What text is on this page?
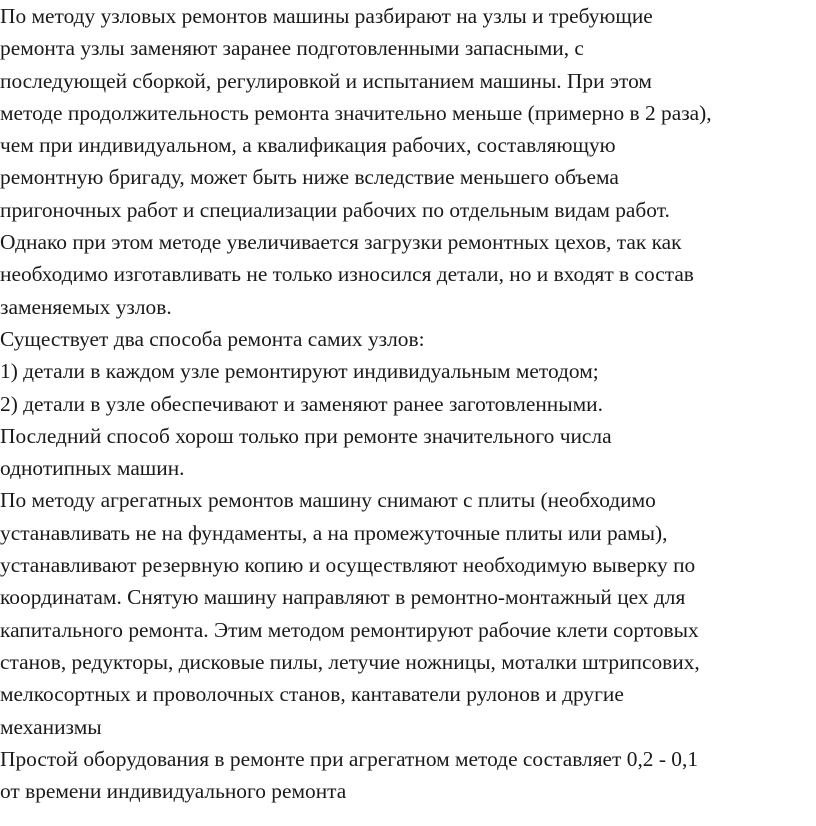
По методу узловых ремонтов машины разбирают на узлы и требующие
ремонта узлы заменяют заранее подготовленными запасными, с
последующей сборкой, регулировкой и испытанием машины. При этом
методе продолжительность ремонта значительно меньше (примерно в 2 раза),
чем при индивидуальном, а квалификация рабочих, составляющую
ремонтную бригаду, может быть ниже вследствие меньшего объема
пригоночных работ и специализации рабочих по отдельным видам работ.
Однако при этом методе увеличивается загрузки ремонтных цехов, так как
необходимо изготавливать не только износился детали, но и входят в состав
заменяемых узлов.
Существует два способа ремонта самих узлов:
1) детали в каждом узле ремонтируют индивидуальным методом;
2) детали в узле обеспечивают и заменяют ранее заготовленными.
Последний способ хорош только при ремонте значительного числа
однотипных машин.
По методу агрегатных ремонтов машину снимают с плиты (необходимо
устанавливать не на фундаменты, а на промежуточные плиты или рамы),
устанавливают резервную копию и осуществляют необходимую выверку по
координатам. Снятую машину направляют в ремонтно-монтажный цех для
капитального ремонта. Этим методом ремонтируют рабочие клети сортовых
станов, редукторы, дисковые пилы, летучие ножницы, моталки штрипсових,
мелкосортных и проволочных станов, кантаватели рулонов и другие
механизмы
Простой оборудования в ремонте при агрегатном методе составляет 0,2 - 0,1
от времени индивидуального ремонта
